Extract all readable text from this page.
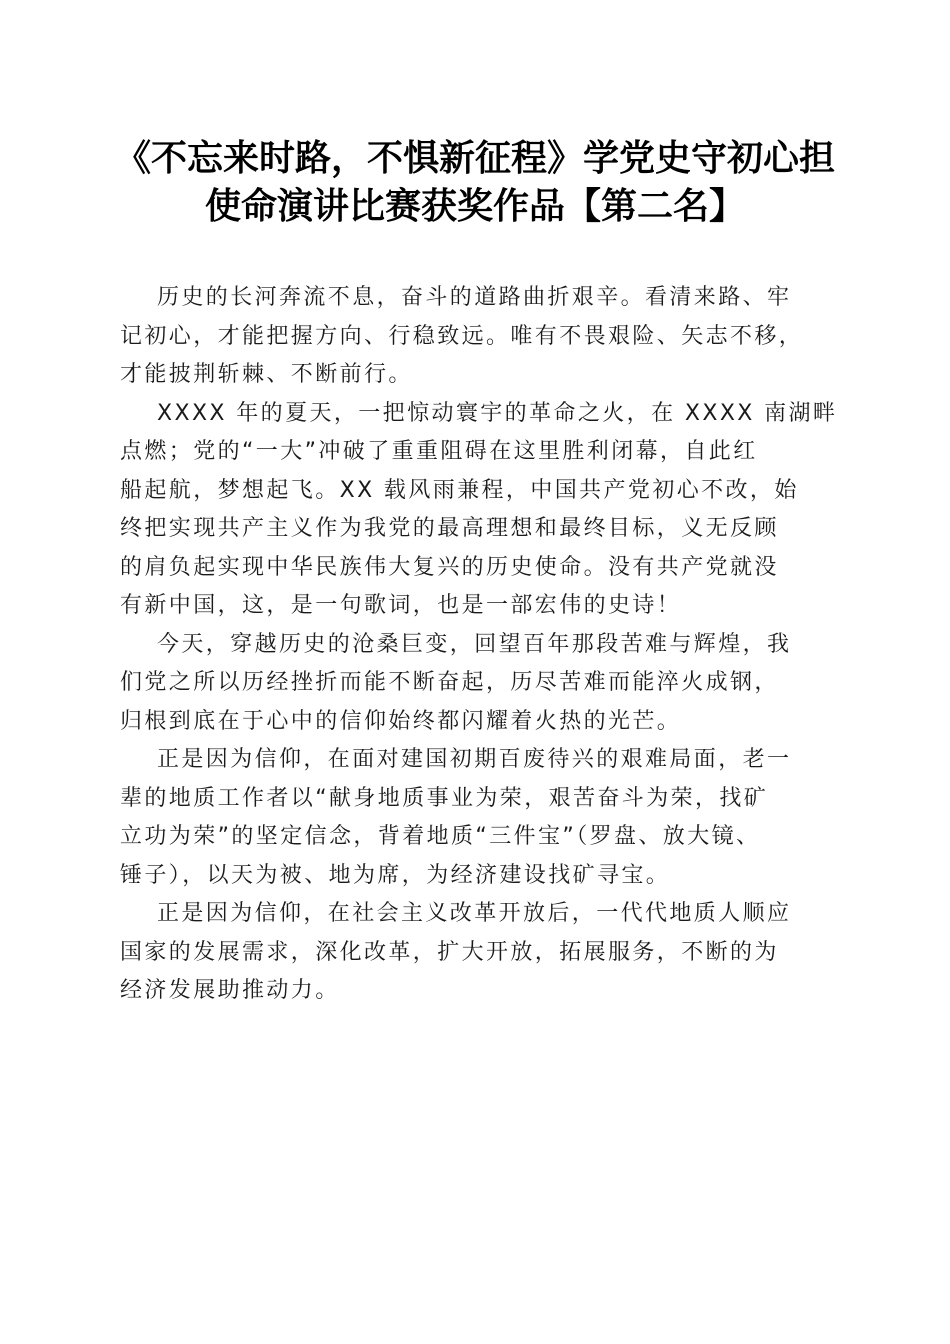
《不忘来时路，不惧新征程》学党史守初心担
使命演讲比赛获奖作品【第二名】
历史的长河奔流不息，奋斗的道路曲折艰辛。看清来路、牢
记初心，才能把握方向、行稳致远。唯有不畏艰险、矢志不移，
才能披荆斩棘、不断前行。
XXXX 年的夏天，一把惊动寰宇的革命之火，在 XXXX 南湖畔
点燃；党的“一大”冲破了重重阻碍在这里胜利闭幕，自此红
船起航，梦想起飞。XX 载风雨兼程，中国共产党初心不改，始
终把实现共产主义作为我党的最高理想和最终目标，义无反顾
的肩负起实现中华民族伟大复兴的历史使命。没有共产党就没
有新中国，这，是一句歌词，也是一部宏伟的史诗！
今天，穿越历史的沧桑巨变，回望百年那段苦难与辉煌，我
们党之所以历经挫折而能不断奋起，历尽苦难而能淬火成钢，
归根到底在于心中的信仰始终都闪耀着火热的光芒。
正是因为信仰，在面对建国初期百废待兴的艰难局面，老一
辈的地质工作者以“献身地质事业为荣，艰苦奋斗为荣，找矿
立功为荣”的坚定信念，背着地质“三件宝”（罗盘、放大镜、
锤子），以天为被、地为席，为经济建设找矿寻宝。
正是因为信仰，在社会主义改革开放后，一代代地质人顺应
国家的发展需求，深化改革，扩大开放，拓展服务，不断的为
经济发展助推动力。
